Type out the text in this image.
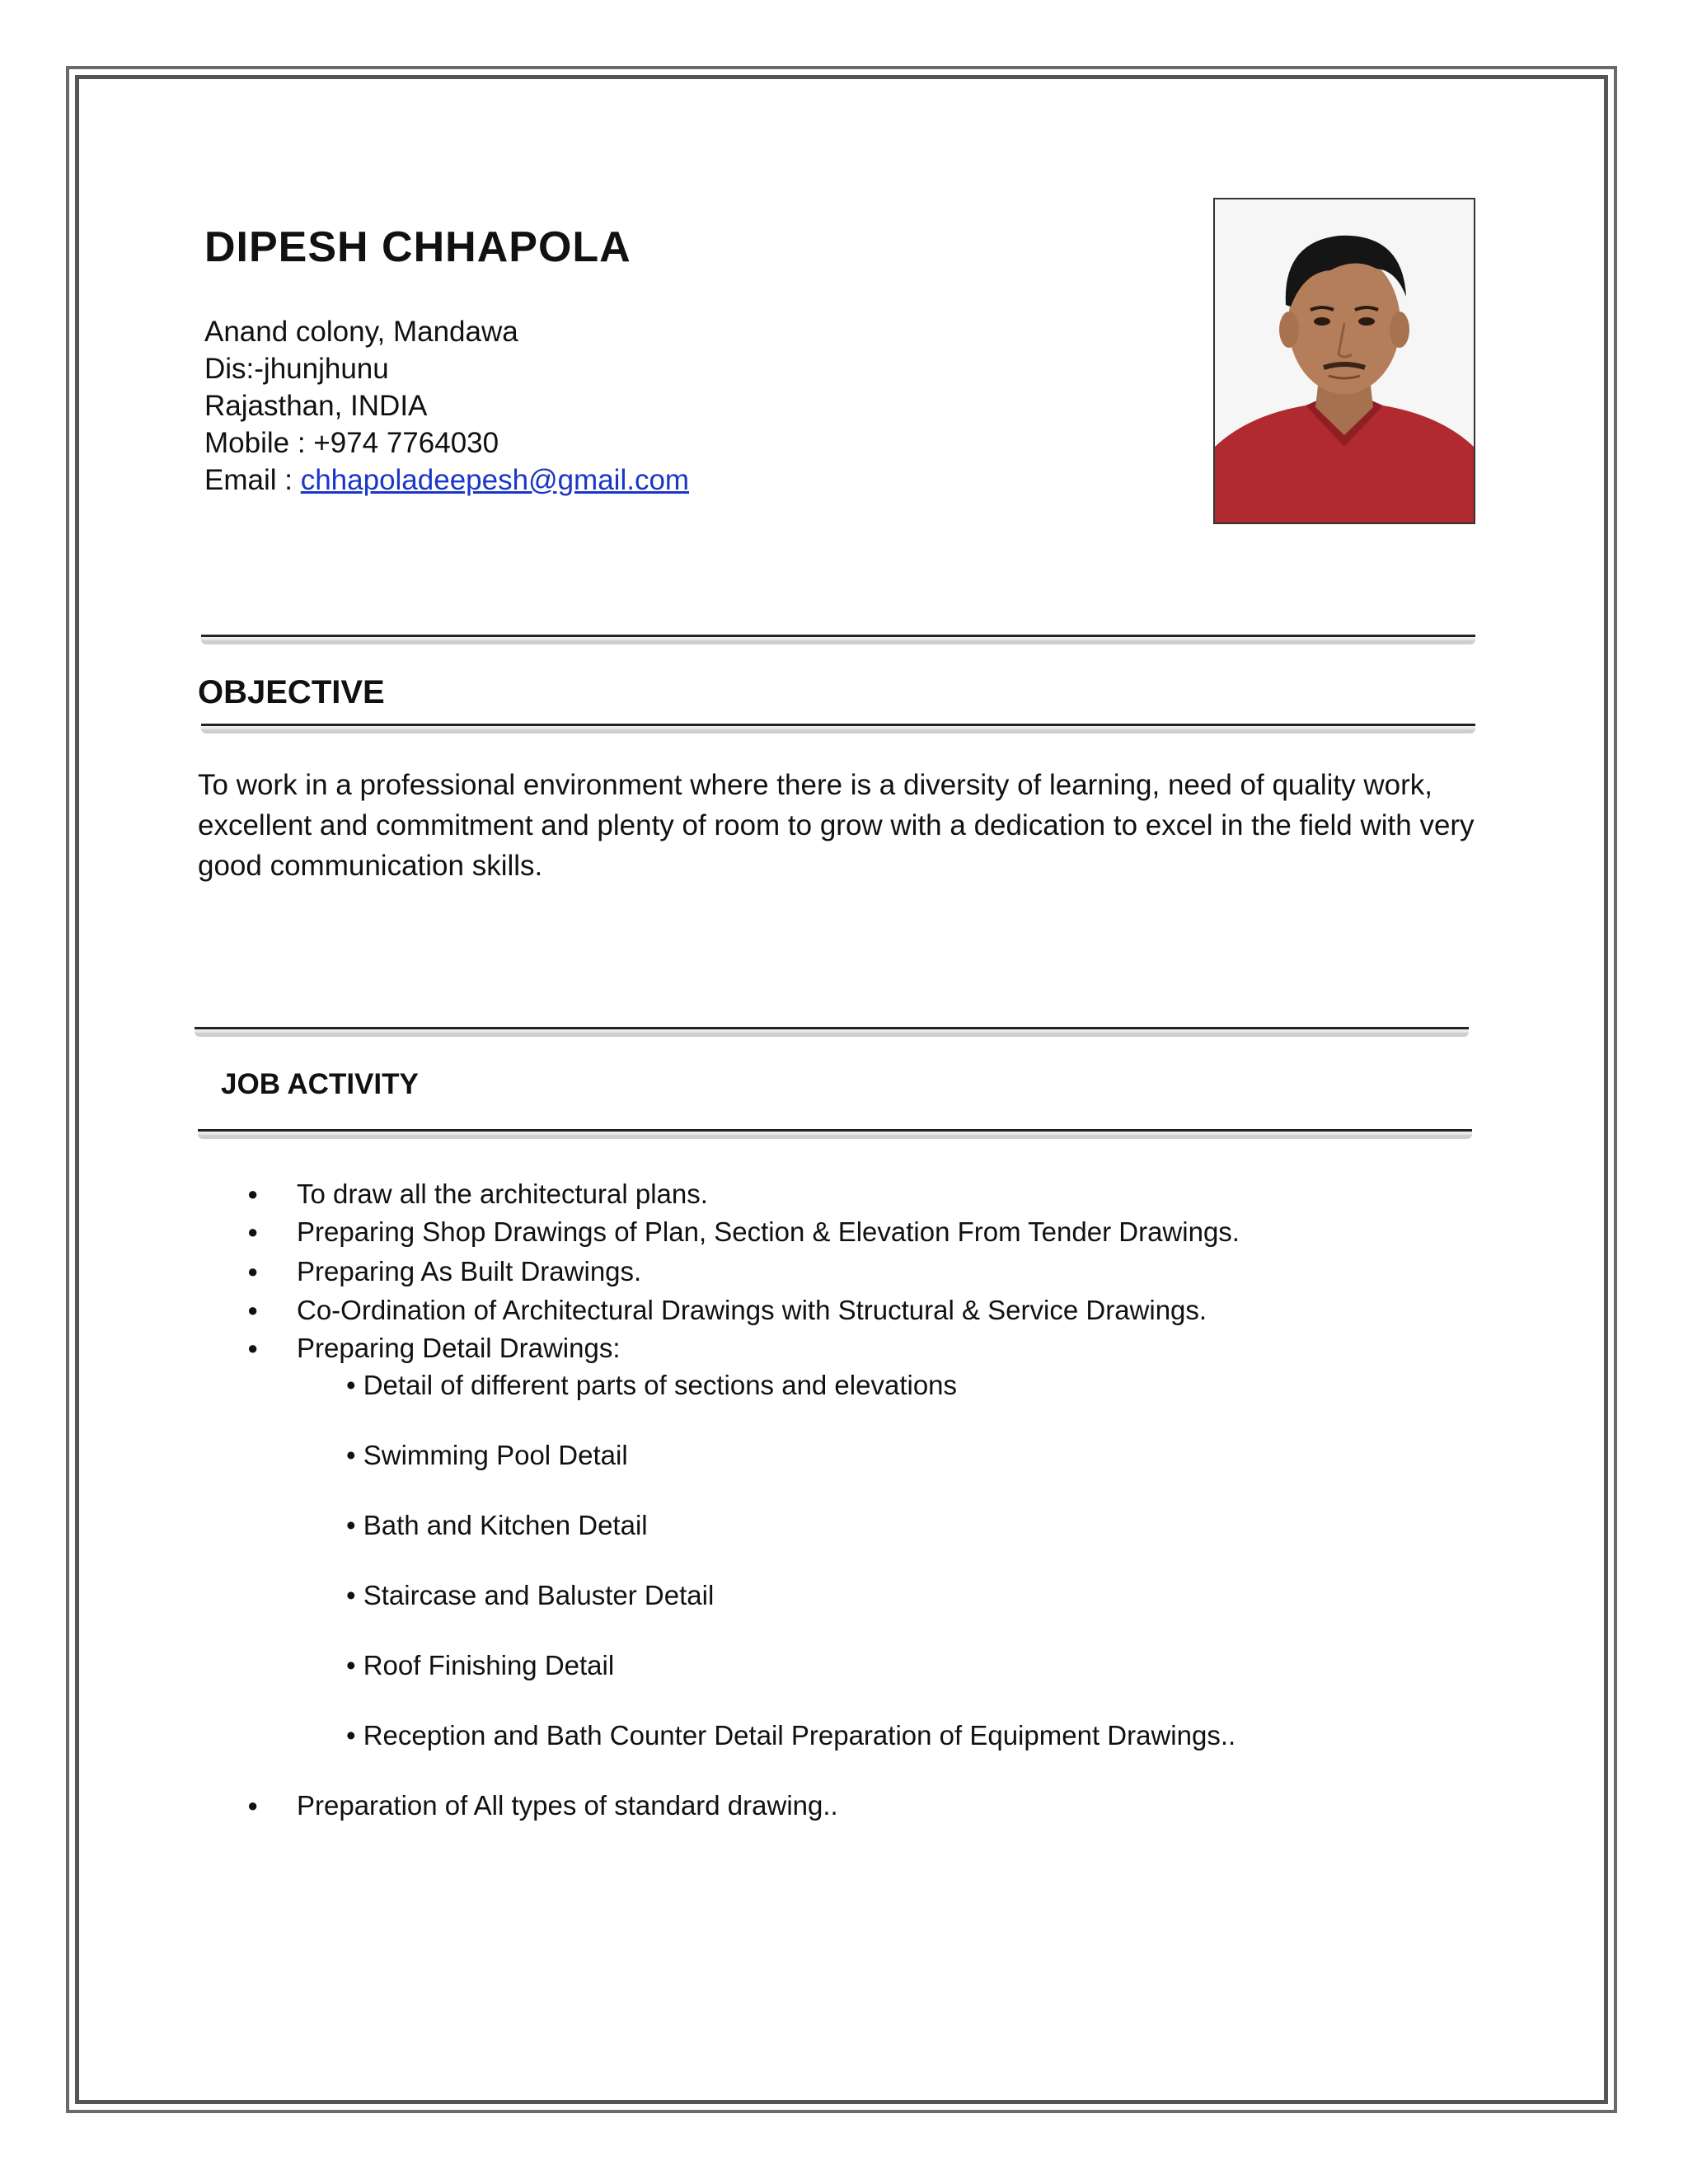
DIPESH CHHAPOLA
Anand colony, Mandawa
Dis:-jhunjhunu
Rajasthan, INDIA
Mobile : +974 7764030
Email : chhapoladeepesh@gmail.com
OBJECTIVE

To work in a professional environment where there is a diversity of learning, need of quality work, excellent and commitment and plenty of room to grow with a dedication to excel in the field with very good communication skills.

JOB ACTIVITY
● To draw all the architectural plans.
● Preparing Shop Drawings of Plan, Section & Elevation From Tender Drawings.
● Preparing As Built Drawings.
● Co-Ordination of Architectural Drawings with Structural & Service Drawings.
● Preparing Detail Drawings:
• Detail of different parts of sections and elevations
• Swimming Pool Detail
• Bath and Kitchen Detail
• Staircase and Baluster Detail
• Roof Finishing Detail
• Reception and Bath Counter Detail Preparation of Equipment Drawings..
● Preparation of All types of standard drawing..
